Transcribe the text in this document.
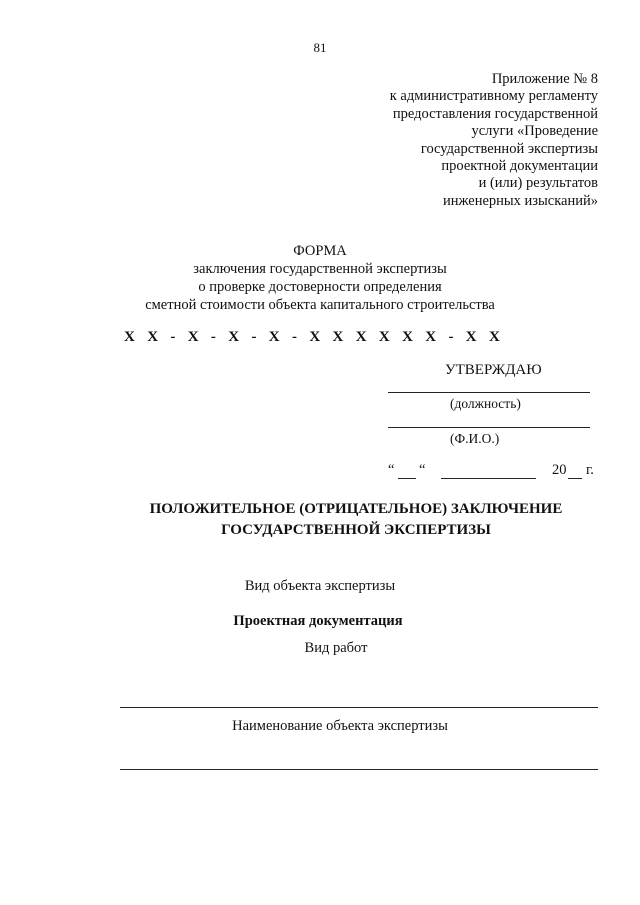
81
Приложение № 8
к административному регламенту
предоставления государственной
услуги «Проведение
государственной экспертизы
проектной документации
и (или) результатов
инженерных изысканий»
ФОРМА
заключения государственной экспертизы
о проверке достоверности определения
сметной стоимости объекта капитального строительства
Х Х - Х - Х - Х - Х Х Х Х Х Х - Х Х
УТВЕРЖДАЮ
(должность)
(Ф.И.О.)
“ “	20 г.
ПОЛОЖИТЕЛЬНОЕ (ОТРИЦАТЕЛЬНОЕ) ЗАКЛЮЧЕНИЕ
ГОСУДАРСТВЕННОЙ ЭКСПЕРТИЗЫ
Вид объекта экспертизы
Проектная документация
Вид работ
Наименование объекта экспертизы
